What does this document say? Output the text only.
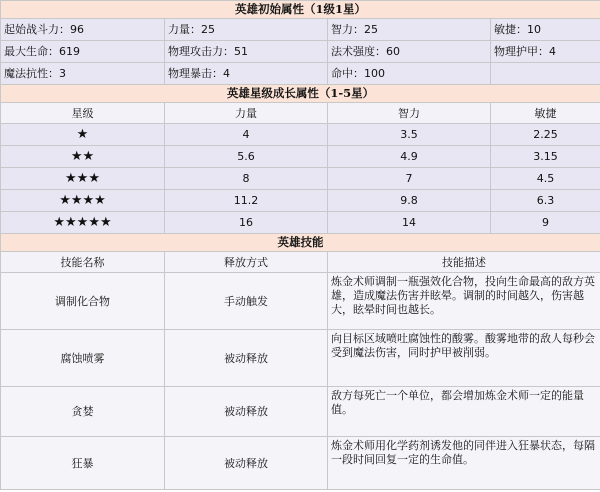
英雄初始属性（1级1星）			
起始战斗力：96	力量：25	智力：25	敏捷：10
最大生命：619	物理攻击力：51	法术强度：60	物理护甲：4
魔法抗性：3	物理暴击：4	命中：100	
英雄星级成长属性（1-5星）			
星级	力量	智力	敏捷
★	4	3.5	2.25
★★	5.6	4.9	3.15
★★★	8	7	4.5
★★★★	11.2	9.8	6.3
★★★★★	16	14	9
英雄技能			
技能名称	释放方式	技能描述	
调制化合物	手动触发	炼金术师调制一瓶强效化合物，投向生命最高的敌方英雄，造成魔法伤害并眩晕。调制的时间越久，伤害越大，眩晕时间也越长。	
腐蚀喷雾	被动释放	向目标区域喷吐腐蚀性的酸雾。酸雾地带的敌人每秒会受到魔法伤害，同时护甲被削弱。	
贪婪	被动释放	敌方每死亡一个单位，都会增加炼金术师一定的能量值。	
狂暴	被动释放	炼金术师用化学药剂诱发他的同伴进入狂暴状态，每隔一段时间回复一定的生命值。	
